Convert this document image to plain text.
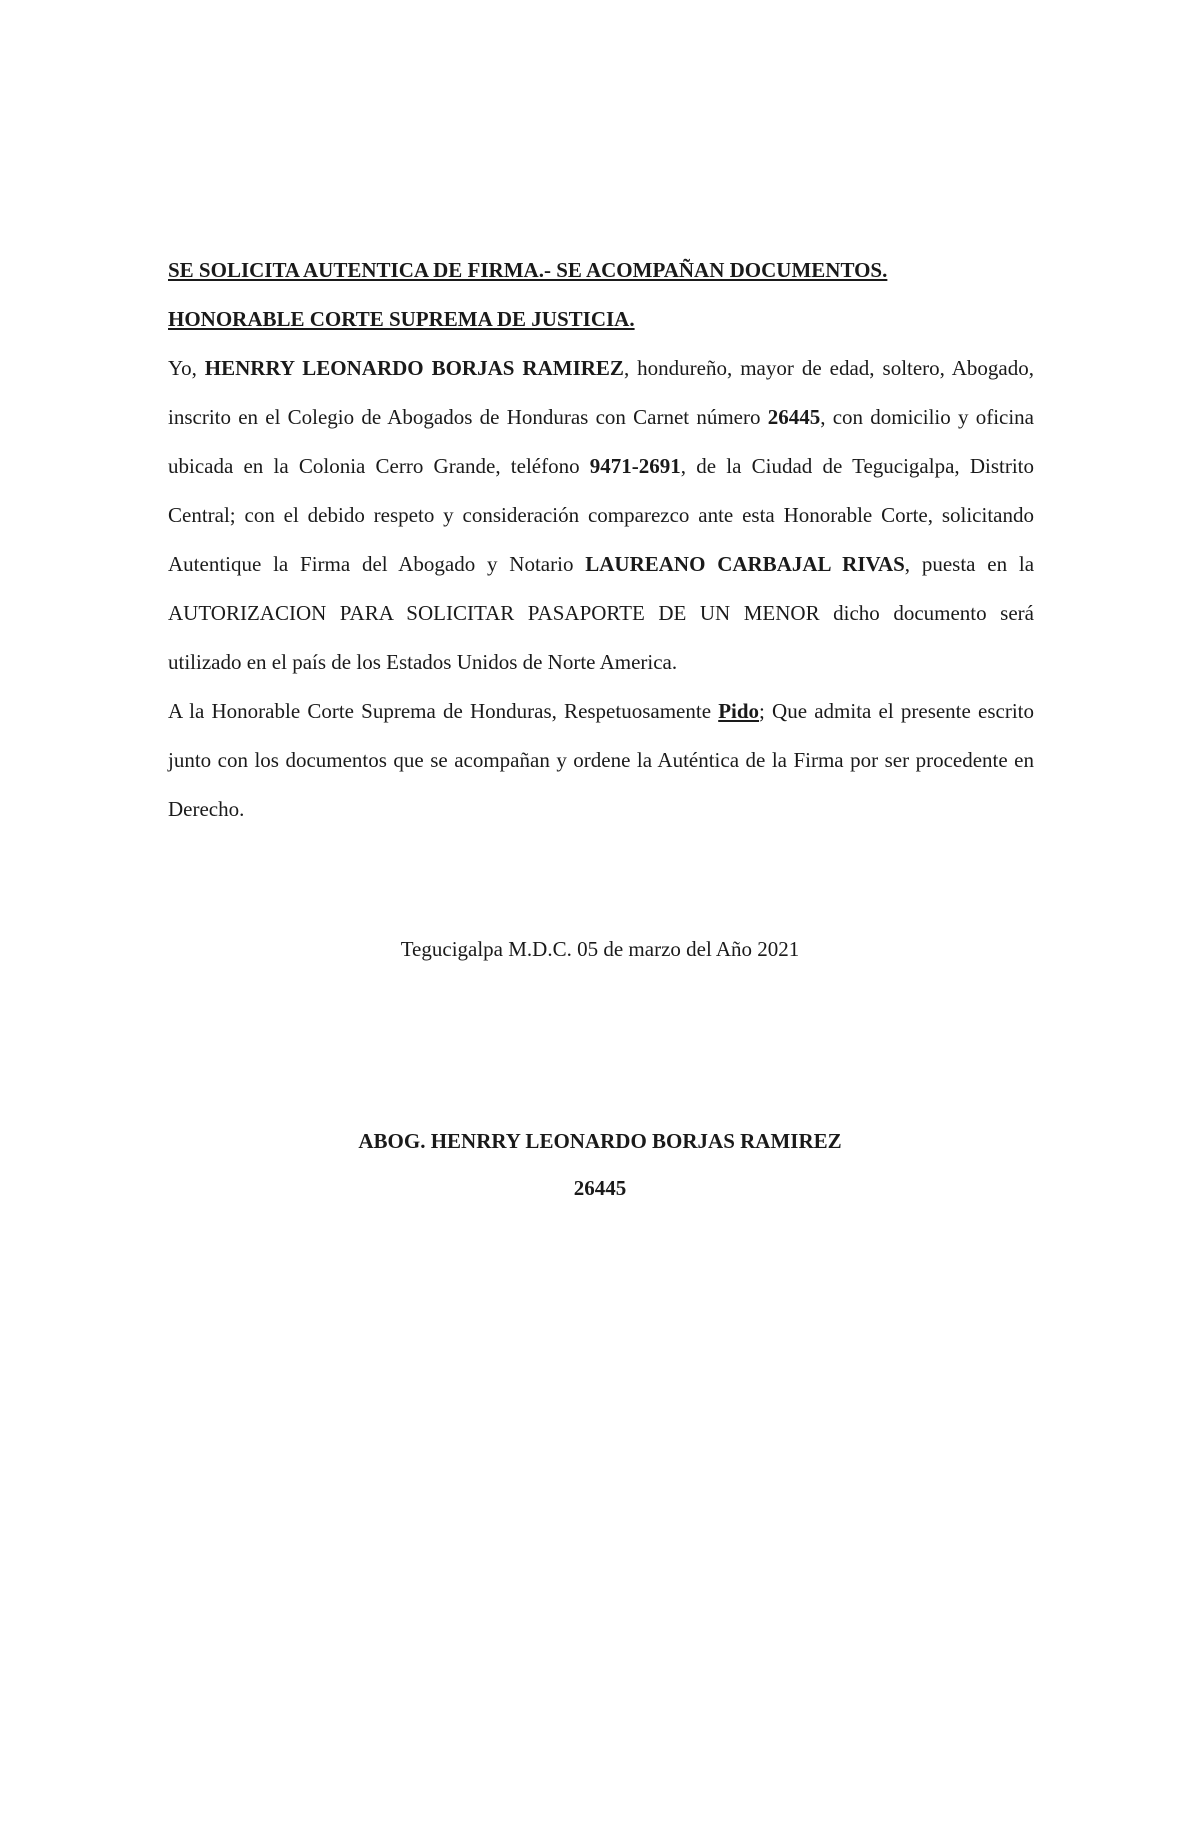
SE SOLICITA AUTENTICA DE FIRMA.- SE ACOMPAÑAN DOCUMENTOS.

HONORABLE CORTE SUPREMA DE JUSTICIA.

Yo, HENRRY LEONARDO BORJAS RAMIREZ, hondureño, mayor de edad, soltero, Abogado, inscrito en el Colegio de Abogados de Honduras con Carnet número 26445, con domicilio y oficina ubicada en la Colonia Cerro Grande, teléfono 9471-2691, de la Ciudad de Tegucigalpa, Distrito Central; con el debido respeto y consideración comparezco ante esta Honorable Corte, solicitando Autentique la Firma del Abogado y Notario LAUREANO CARBAJAL RIVAS, puesta en la AUTORIZACION PARA SOLICITAR PASAPORTE DE UN MENOR dicho documento será utilizado en el país de los Estados Unidos de Norte America.

A la Honorable Corte Suprema de Honduras, Respetuosamente Pido; Que admita el presente escrito junto con los documentos que se acompañan y ordene la Auténtica de la Firma por ser procedente en Derecho.

Tegucigalpa M.D.C. 05 de marzo del Año 2021
ABOG. HENRRY LEONARDO BORJAS RAMIREZ
26445
